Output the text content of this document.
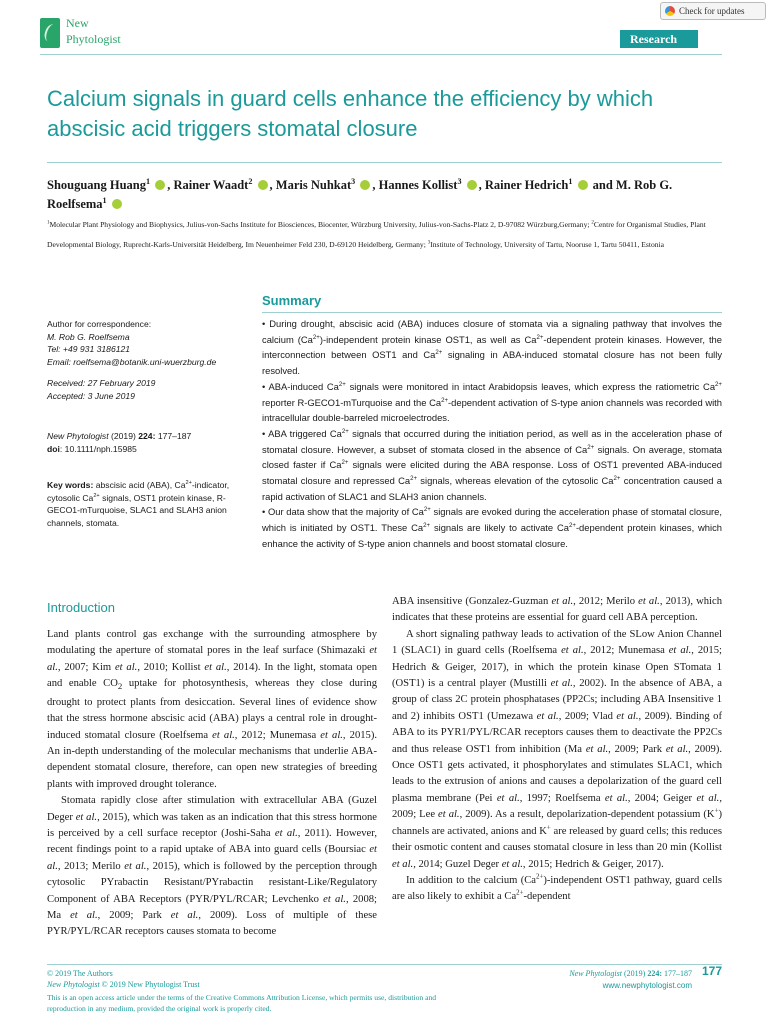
New
Phytologist
Check for updates
Research
Calcium signals in guard cells enhance the efficiency by which abscisic acid triggers stomatal closure
Shouguang Huang$^1$ , Rainer Waadt$^2$ , Maris Nuhkat$^3$ , Hannes Kollist$^3$ , Rainer Hedrich$^1$  and M. Rob G. Roelfsema$^1$
$^1$Molecular Plant Physiology and Biophysics, Julius-von-Sachs Institute for Biosciences, Biocenter, Würzburg University, Julius-von-Sachs-Platz 2, D-97082 Würzburg,Germany; $^2$Centre for Organismal Studies, Plant Developmental Biology, Ruprecht-Karls-Universität Heidelberg, Im Neuenheimer Feld 230, D-69120 Heidelberg, Germany; $^3$Institute of Technology, University of Tartu, Nooruse 1, Tartu 50411, Estonia

Author for correspondence:

M. Rob G. Roelfsema

Tel: +49 931 3186121

Email: roelfsema@botanik.uni-wuerzburg.de

Received: 27 February 2019

Accepted: 3 June 2019

New Phytologist (2019) 224: 177–187

doi: 10.1111/nph.15985

Key words: abscisic acid (ABA), $Ca^{2+}$-indicator, cytosolic $Ca^{2+}$ signals, OST1 protein kinase, R-GECO1-mTurquoise, SLAC1 and SLAH3 anion channels, stomata.
Summary

• During drought, abscisic acid (ABA) induces closure of stomata via a signaling pathway that involves the calcium $(Ca^{2+})$-independent protein kinase OST1, as well as $Ca^{2+}$-dependent protein kinases. However, the interconnection between OST1 and $Ca^{2+}$ signaling in ABA-induced stomatal closure has not been fully resolved.

• ABA-induced $Ca^{2+}$ signals were monitored in intact Arabidopsis leaves, which express the ratiometric $Ca^{2+}$ reporter R-GECO1-mTurquoise and the $Ca^{2+}$-dependent activation of S-type anion channels was recorded with intracellular double-barreled microelectrodes.

• ABA triggered $Ca^{2+}$ signals that occurred during the initiation period, as well as in the acceleration phase of stomatal closure. However, a subset of stomata closed in the absence of $Ca^{2+}$ signals. On average, stomata closed faster if $Ca^{2+}$ signals were elicited during the ABA response. Loss of OST1 prevented ABA-induced stomatal closure and repressed $Ca^{2+}$ signals, whereas elevation of the cytosolic $Ca^{2+}$ concentration caused a rapid activation of SLAC1 and SLAH3 anion channels.

• Our data show that the majority of $Ca^{2+}$ signals are evoked during the acceleration phase of stomatal closure, which is initiated by OST1. These $Ca^{2+}$ signals are likely to activate $Ca^{2+}$-dependent protein kinases, which enhance the activity of S-type anion channels and boost stomatal closure.

Introduction

Land plants control gas exchange with the surrounding atmosphere by modulating the aperture of stomatal pores in the leaf surface (Shimazaki et al., 2007; Kim et al., 2010; Kollist et al., 2014). In the light, stomata open and enable $CO_2$ uptake for photosynthesis, whereas they close during drought to protect plants from desiccation. Several lines of evidence show that the stress hormone abscisic acid (ABA) plays a central role in drought-induced stomatal closure (Roelfsema et al., 2012; Munemasa et al., 2015). An in-depth understanding of the molecular mechanisms that underlie ABA-dependent stomatal closure, therefore, can open new strategies of breeding plants with improved drought tolerance.

Stomata rapidly close after stimulation with extracellular ABA (Guzel Deger et al., 2015), which was taken as an indication that this stress hormone is perceived by a cell surface receptor (Joshi-Saha et al., 2011). However, recent findings point to a rapid uptake of ABA into guard cells (Boursiac et al., 2013; Merilo et al., 2015), which is followed by the perception through cytosolic PYrabactin Resistant/PYrabactin resistant-Like/Regulatory Component of ABA Receptors (PYR/PYL/RCAR; Levchenko et al., 2008; Ma et al., 2009; Park et al., 2009). Loss of multiple of these PYR/PYL/RCAR receptors causes stomata to become

ABA insensitive (Gonzalez-Guzman et al., 2012; Merilo et al., 2013), which indicates that these proteins are essential for guard cell ABA perception.

A short signaling pathway leads to activation of the SLow Anion Channel 1 (SLAC1) in guard cells (Roelfsema et al., 2012; Munemasa et al., 2015; Hedrich & Geiger, 2017), in which the protein kinase Open STomata 1 (OST1) is a central player (Mustilli et al., 2002). In the absence of ABA, a group of class 2C protein phosphatases (PP2Cs; including ABA Insensitive 1 and 2) inhibits OST1 (Umezawa et al., 2009; Vlad et al., 2009). Binding of ABA to its PYR1/PYL/RCAR receptors causes them to deactivate the PP2Cs and thus release OST1 from inhibition (Ma et al., 2009; Park et al., 2009). Once OST1 gets activated, it phosphorylates and stimulates SLAC1, which leads to the extrusion of anions and causes a depolarization of the guard cell plasma membrane (Pei et al., 1997; Roelfsema et al., 2004; Geiger et al., 2009; Lee et al., 2009). As a result, depolarization-dependent potassium (K+) channels are activated, anions and K+ are released by guard cells; this reduces their osmotic content and causes stomatal closure in less than 20 min (Kollist et al., 2014; Guzel Deger et al., 2015; Hedrich & Geiger, 2017).

In addition to the calcium $(Ca^{2+})$-independent OST1 pathway, guard cells are also likely to exhibit a $Ca^{2+}$-dependent

© 2019 The Authors
New Phytologist © 2019 New Phytologist Trust
This is an open access article under the terms of the Creative Commons Attribution License, which permits use, distribution and reproduction in any medium, provided the original work is properly cited.
New Phytologist (2019) 224: 177–187
www.newphytologist.com
177
